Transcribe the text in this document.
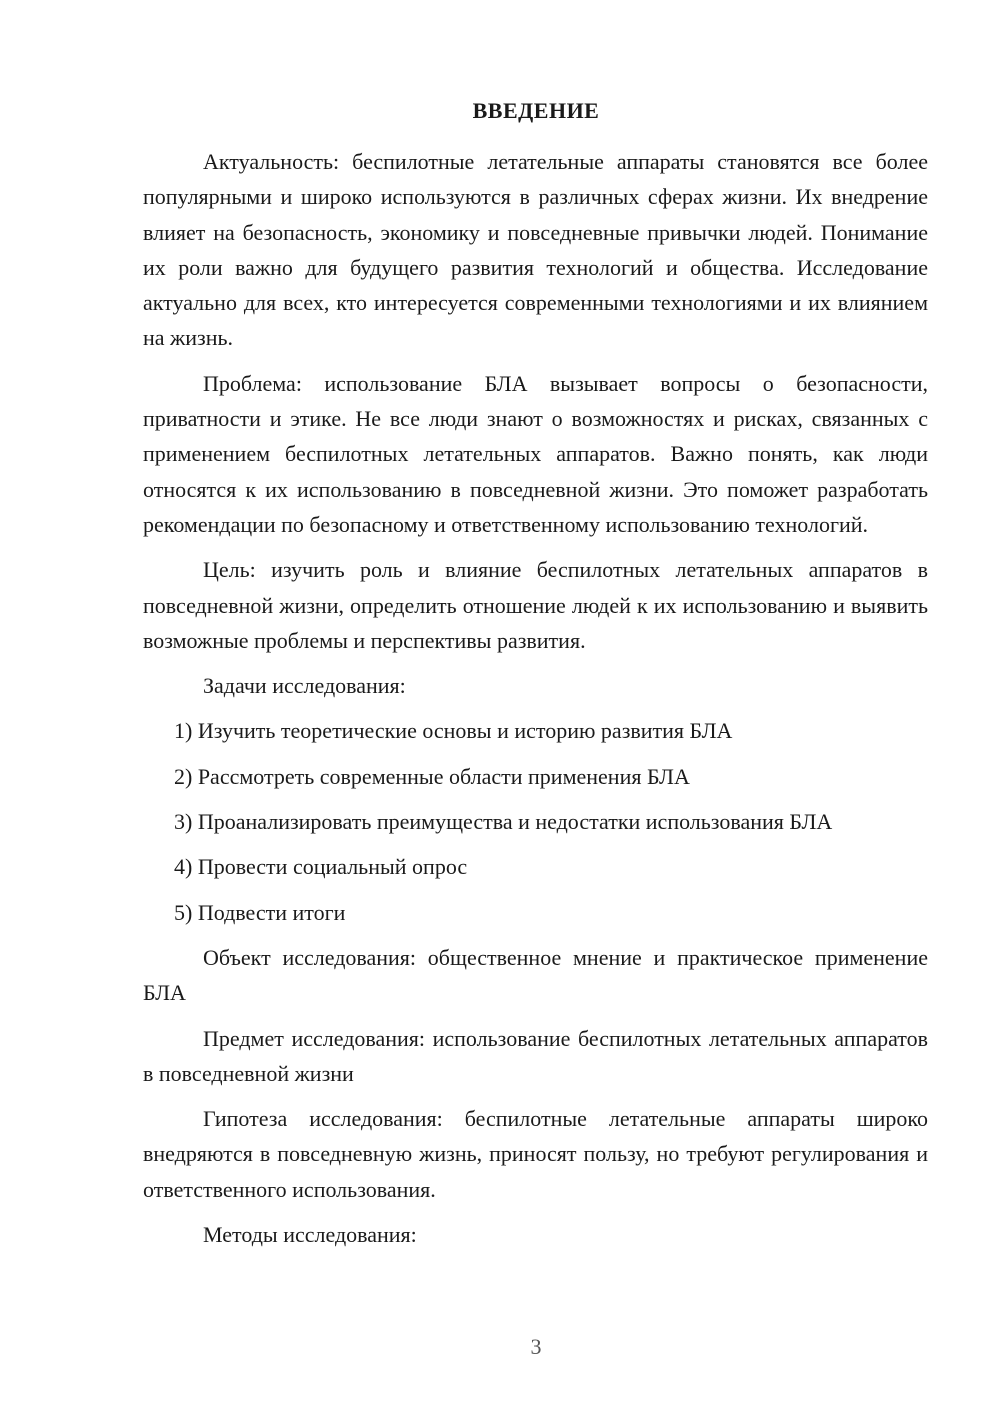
ВВЕДЕНИЕ

Актуальность: беспилотные летательные аппараты становятся все более популярными и широко используются в различных сферах жизни. Их внедрение влияет на безопасность, экономику и повседневные привычки людей. Понимание их роли важно для будущего развития технологий и общества. Исследование актуально для всех, кто интересуется современными технологиями и их влиянием на жизнь.

Проблема: использование БЛА вызывает вопросы о безопасности, приватности и этике. Не все люди знают о возможностях и рисках, связанных с применением беспилотных летательных аппаратов. Важно понять, как люди относятся к их использованию в повседневной жизни. Это поможет разработать рекомендации по безопасному и ответственному использованию технологий.

Цель: изучить роль и влияние беспилотных летательных аппаратов в повседневной жизни, определить отношение людей к их использованию и выявить возможные проблемы и перспективы развития.

Задачи исследования:

1) Изучить теоретические основы и историю развития БЛА
2) Рассмотреть современные области применения БЛА
3) Проанализировать преимущества и недостатки использования БЛА
4) Провести социальный опрос
5) Подвести итоги

Объект исследования: общественное мнение и практическое применение БЛА

Предмет исследования: использование беспилотных летательных аппаратов в повседневной жизни

Гипотеза исследования: беспилотные летательные аппараты широко внедряются в повседневную жизнь, приносят пользу, но требуют регулирования и ответственного использования.

Методы исследования:

3
